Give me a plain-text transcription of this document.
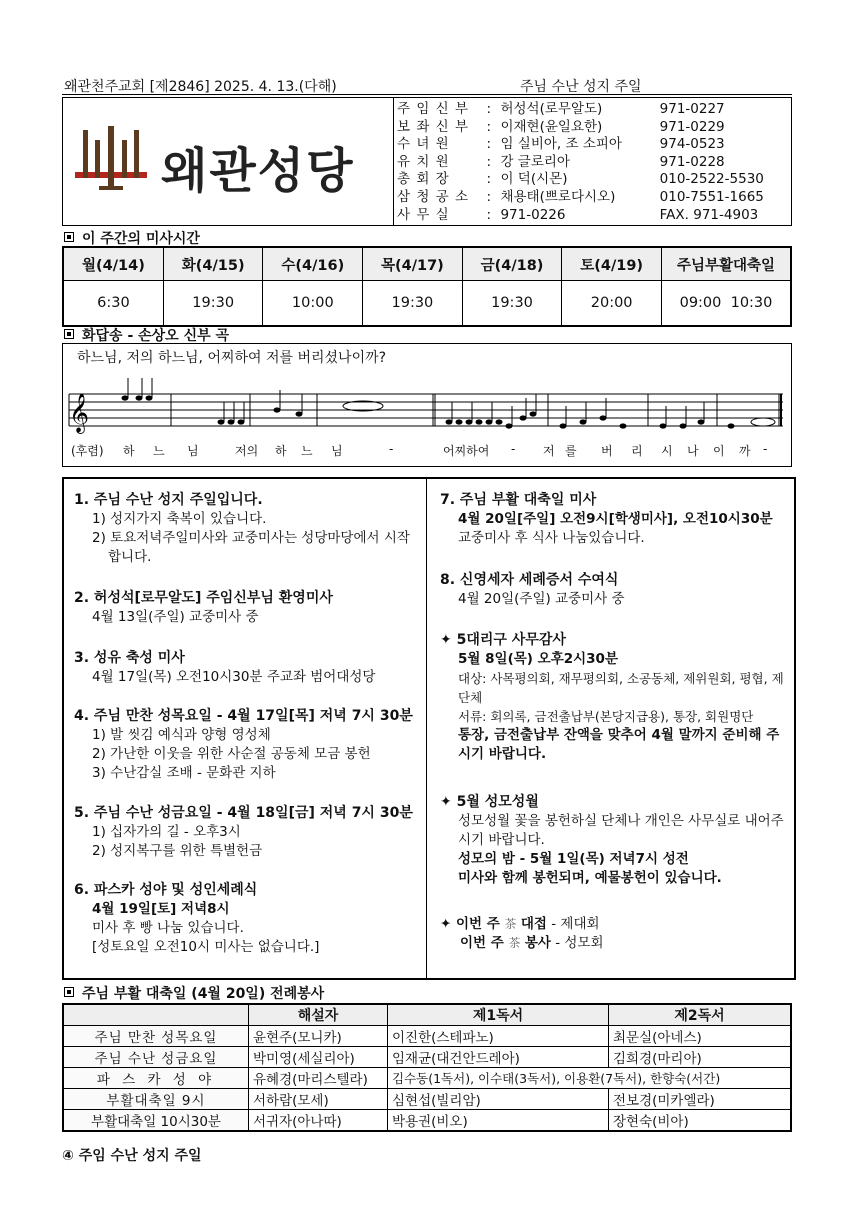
왜관천주교회 [제2846] 2025. 4. 13.(다해)	주님 수난 성지 주일
왜관성당
주 임 신 부	: 허성석(로무알도)	971-0227
보 좌 신 부	: 이재현(윤일요한)	971-0229
수 녀 원	: 임 실비아, 조 소피아	974-0523
유 치 원	: 강 글로리아	971-0228
총 회 장	: 이 덕(시몬)	010-2522-5530
삼 청 공 소	: 채용태(쁘로다시오)	010-7551-1665
사 무 실	: 971-0226	FAX. 971-4903
이 주간의 미사시간
월(4/14)	화(4/15)	수(4/16)	목(4/17)	금(4/18)	토(4/19)	주님부활대축일
6:30	19:30	10:00	19:30	19:30	20:00	09:00  10:30
화답송 - 손상오 신부 곡
하느님, 저의 하느님, 어찌하여 저를 버리셨나이까?
𝄞
(후렴) 하 느 님	저의 하 느 님	-	어찌하여 - 저 를 버 리 시 나 이 까 -
1. 주님 수난 성지 주일입니다.
1) 성지가지 축복이 있습니다.
2) 토요저녁주일미사와 교중미사는 성당마당에서 시작합니다.
2. 허성석[로무알도] 주임신부님 환영미사
4월 13일(주일) 교중미사 중
3. 성유 축성 미사
4월 17일(목) 오전10시30분 주교좌 범어대성당
4. 주님 만찬 성목요일 - 4월 17일[목] 저녁 7시 30분
1) 발 씻김 예식과 양형 영성체
2) 가난한 이웃을 위한 사순절 공동체 모금 봉헌
3) 수난감실 조배 - 문화관 지하
5. 주님 수난 성금요일 - 4월 18일[금] 저녁 7시 30분
1) 십자가의 길 - 오후3시
2) 성지복구를 위한 특별헌금
6. 파스카 성야 및 성인세례식
4월 19일[토] 저녁8시
미사 후 빵 나눔 있습니다.
[성토요일 오전10시 미사는 없습니다.]
7. 주님 부활 대축일 미사
4월 20일[주일] 오전9시[학생미사], 오전10시30분
교중미사 후 식사 나눔있습니다.
8. 신영세자 세례증서 수여식
4월 20일(주일) 교중미사 중
✦ 5대리구 사무감사
5월 8일(목) 오후2시30분
대상: 사목평의회, 재무평의회, 소공동체, 제위원회, 평협, 제단체
서류: 회의록, 금전출납부(본당지급용), 통장, 회원명단
통장, 금전출납부 잔액을 맞추어 4월 말까지 준비해 주시기 바랍니다.
✦ 5월 성모성월
성모성월 꽃을 봉헌하실 단체나 개인은 사무실로 내어주시기 바랍니다.
성모의 밤 - 5월 1일(목) 저녁7시 성전
미사와 함께 봉헌되며, 예물봉헌이 있습니다.
✦ 이번 주 茶 대접 - 제대회
이번 주 茶 봉사 - 성모회
주님 부활 대축일 (4월 20일) 전례봉사
	해설자	제1독서	제2독서
주님 만찬 성목요일	윤현주(모니카)	이진한(스테파노)	최문실(아네스)
주님 수난 성금요일	박미영(세실리아)	임재균(대건안드레아)	김희경(마리아)
파 스 카 성 야	유혜경(마리스텔라)	김수동(1독서), 이수태(3독서), 이용환(7독서), 한향숙(서간)	
부활대축일 9시	서하람(모세)	심현섭(빌리암)	전보경(미카엘라)
부활대축일 10시30분	서귀자(아나따)	박용권(비오)	장현숙(비아)
④ 주임 수난 성지 주일
